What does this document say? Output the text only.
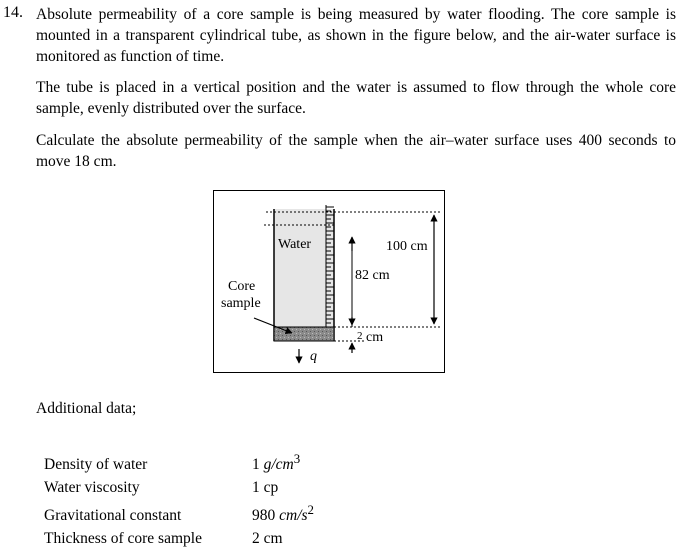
14. Absolute permeability of a core sample is being measured by water flooding. The core sample is mounted in a transparent cylindrical tube, as shown in the figure below, and the air-water surface is monitored as function of time.
The tube is placed in a vertical position and the water is assumed to flow through the whole core sample, evenly distributed over the surface.
Calculate the absolute permeability of the sample when the air–water surface uses 400 seconds to move 18 cm.
Water	100 cm
82 cm
Core
sample
2 cm
q
Additional data;
Density of water	1 $g/cm^3$
Water viscosity	1 cp
Gravitational constant	980 $cm/s^2$
Thickness of core sample	2 cm
